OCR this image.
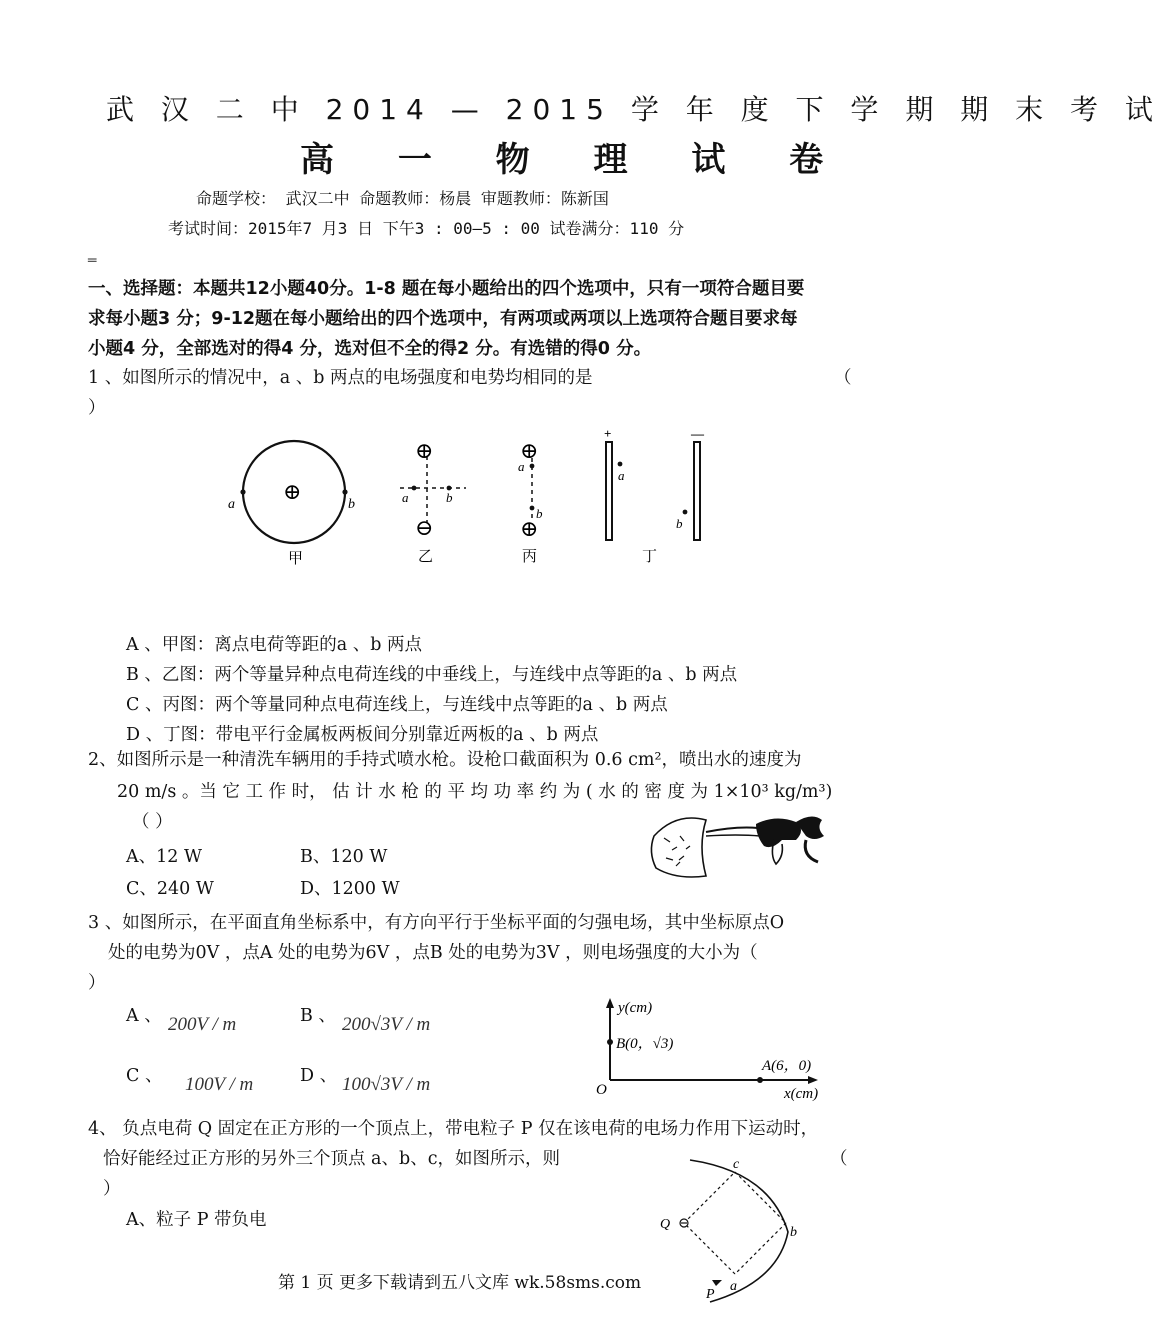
武 汉 二 中 2014 — 2015 学 年 度 下 学 期 期 末 考 试
高 一 物 理 试 卷
命题学校： 武汉二中 命题教师：杨晨 审题教师：陈新国
考试时间：2015年7 月3 日 下午3 : 00—5 : 00 试卷满分：110 分
═
一、选择题：本题共12小题40分。1-8 题在每小题给出的四个选项中，只有一项符合题目要
求每小题3 分；9-12题在每小题给出的四个选项中，有两项或两项以上选项符合题目要求每
小题4 分，全部选对的得4 分，选对但不全的得2 分。有选错的得0 分。
1 、如图所示的情况中，a 、b 两点的电场强度和电势均相同的是	（
）
a	b
⊕
甲
⊕
⊖
a	b
乙
⊕
⊕
a
b
丙
+	—
a
b
丁
A 、甲图：离点电荷等距的a 、b 两点
B 、乙图：两个等量异种点电荷连线的中垂线上，与连线中点等距的a 、b 两点
C 、丙图：两个等量同种点电荷连线上，与连线中点等距的a 、b 两点
D 、丁图：带电平行金属板两板间分别靠近两板的a 、b 两点
2、如图所示是一种清洗车辆用的手持式喷水枪。设枪口截面积为 0.6 cm²，喷出水的速度为
20 m/s 。当 它 工 作 时， 估 计 水 枪 的 平 均 功 率 约 为 ( 水 的 密 度 为 1×10³ kg/m³)
（ ）
A、12 W	B、120 W
C、240 W	D、1200 W
3 、如图所示，在平面直角坐标系中，有方向平行于坐标平面的匀强电场，其中坐标原点O
处的电势为0V ，点A 处的电势为6V ，点B 处的电势为3V ，则电场强度的大小为（
）
A 、 200V / m	B 、 200√3V / m
C 、 100V / m	D 、 100√3V / m
y(cm)
B(0，√3)
A(6，0)
O	x(cm)
4、 负点电荷 Q 固定在正方形的一个顶点上，带电粒子 P 仅在该电荷的电场力作用下运动时，
恰好能经过正方形的另外三个顶点 a、b、c，如图所示，则	（
）
A、粒子 P 带负电	Q
c
b
a
P
第 1 页 更多下载请到五八文库 wk.58sms.com
